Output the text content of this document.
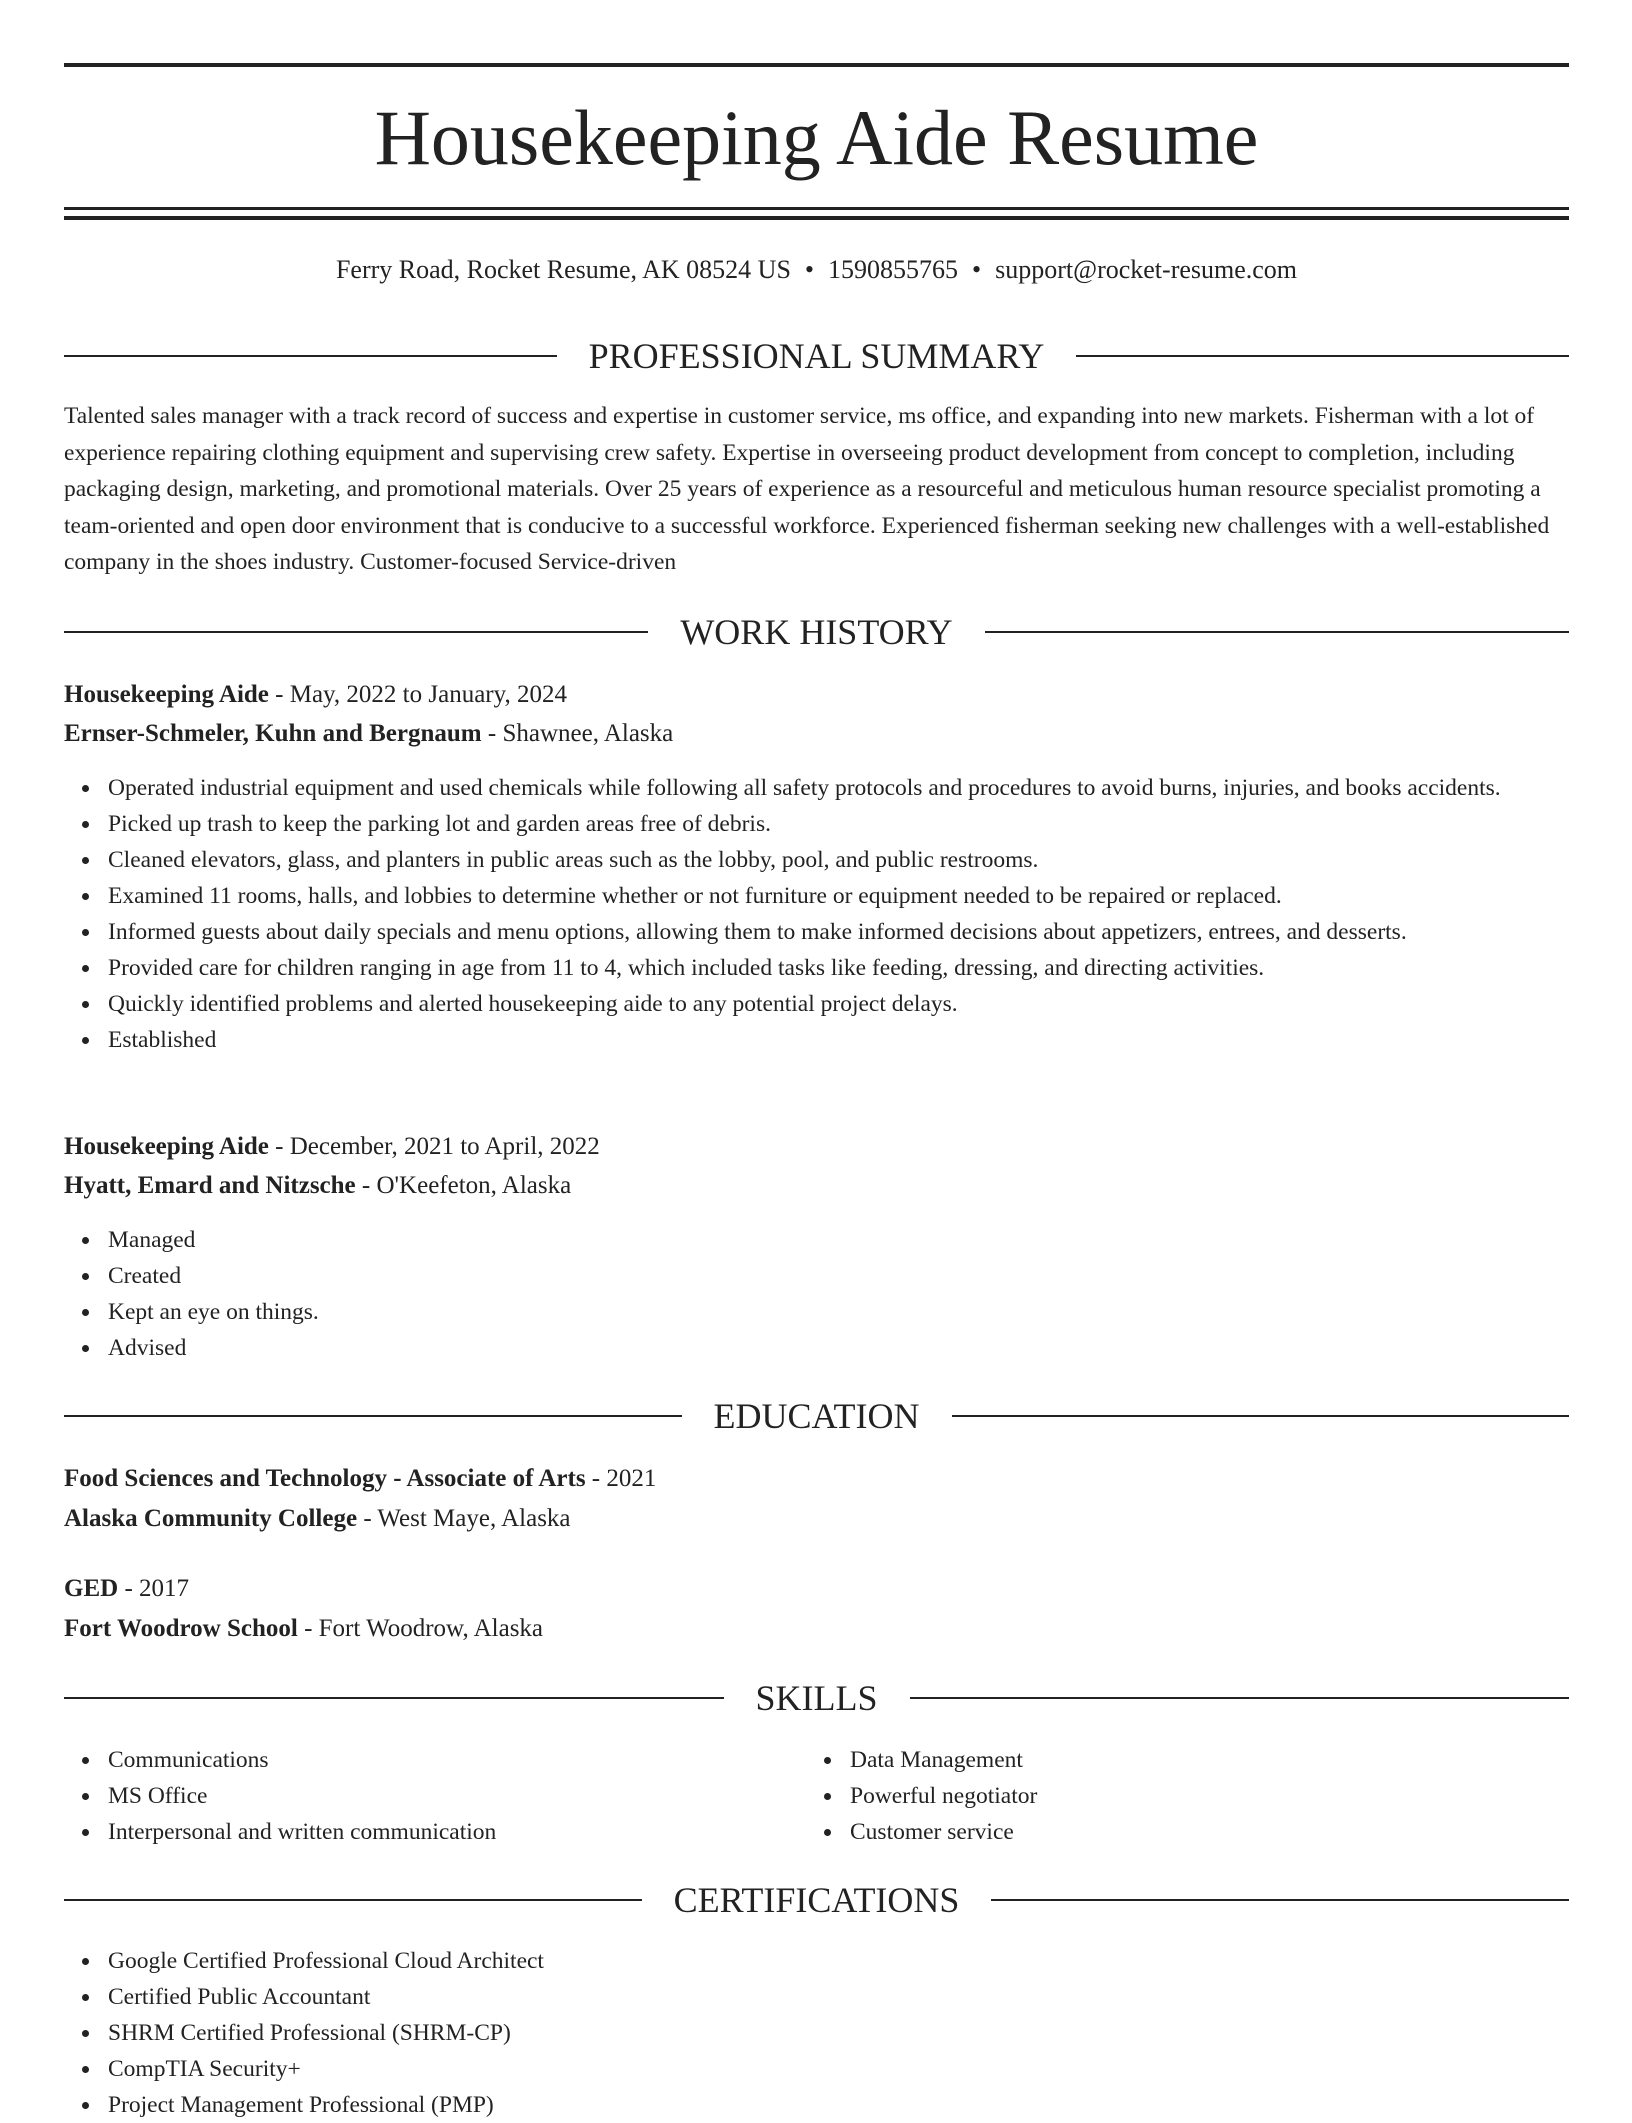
Housekeeping Aide Resume
Ferry Road, Rocket Resume, AK 08524 US • 1590855765 • support@rocket-resume.com
PROFESSIONAL SUMMARY

Talented sales manager with a track record of success and expertise in customer service, ms office, and expanding into new markets. Fisherman with a lot of experience repairing clothing equipment and supervising crew safety. Expertise in overseeing product development from concept to completion, including packaging design, marketing, and promotional materials. Over 25 years of experience as a resourceful and meticulous human resource specialist promoting a team-oriented and open door environment that is conducive to a successful workforce. Experienced fisherman seeking new challenges with a well-established company in the shoes industry. Customer-focused Service-driven

WORK HISTORY
Housekeeping Aide - May, 2022 to January, 2024
Ernser-Schmeler, Kuhn and Bergnaum - Shawnee, Alaska
Operated industrial equipment and used chemicals while following all safety protocols and procedures to avoid burns, injuries, and books accidents.
Picked up trash to keep the parking lot and garden areas free of debris.
Cleaned elevators, glass, and planters in public areas such as the lobby, pool, and public restrooms.
Examined 11 rooms, halls, and lobbies to determine whether or not furniture or equipment needed to be repaired or replaced.
Informed guests about daily specials and menu options, allowing them to make informed decisions about appetizers, entrees, and desserts.
Provided care for children ranging in age from 11 to 4, which included tasks like feeding, dressing, and directing activities.
Quickly identified problems and alerted housekeeping aide to any potential project delays.
Established
Housekeeping Aide - December, 2021 to April, 2022
Hyatt, Emard and Nitzsche - O'Keefeton, Alaska
Managed
Created
Kept an eye on things.
Advised
EDUCATION
Food Sciences and Technology - Associate of Arts - 2021
Alaska Community College - West Maye, Alaska
GED - 2017
Fort Woodrow School - Fort Woodrow, Alaska
SKILLS
Communications
MS Office
Interpersonal and written communication
Data Management
Powerful negotiator
Customer service
CERTIFICATIONS
Google Certified Professional Cloud Architect
Certified Public Accountant
SHRM Certified Professional (SHRM-CP)
CompTIA Security+
Project Management Professional (PMP)
